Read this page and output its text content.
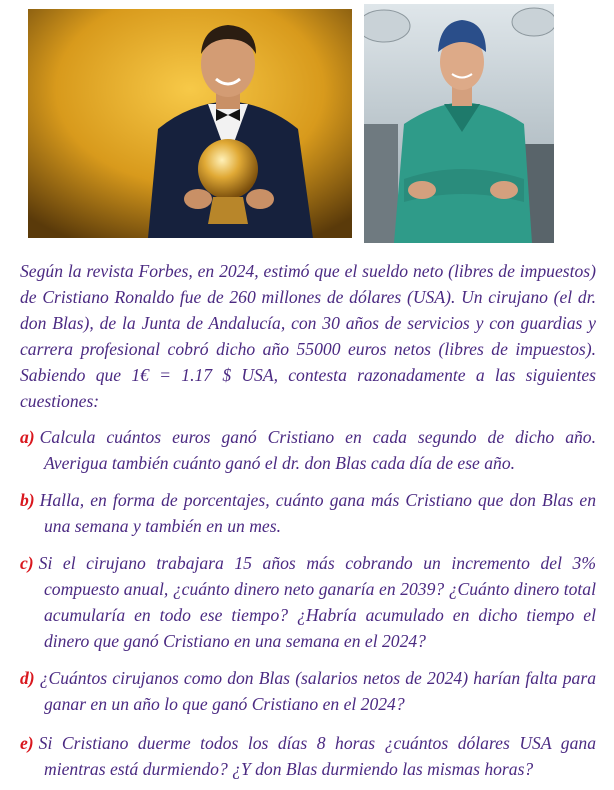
Según la revista Forbes, en 2024, estimó que el sueldo neto (libres de impuestos) de Cristiano Ronaldo fue de 260 millones de dólares (USA). Un cirujano (el dr. don Blas), de la Junta de Andalucía, con 30 años de servicios y con guardias y carrera profesional cobró dicho año 55000 euros netos (libres de impuestos). Sabiendo que 1€ = 1.17 $ USA, contesta razonadamente a las siguientes cuestiones:

a) Calcula cuántos euros ganó Cristiano en cada segundo de dicho año. Averigua también cuánto ganó el dr. don Blas cada día de ese año.

b) Halla, en forma de porcentajes, cuánto gana más Cristiano que don Blas en una semana y también en un mes.

c) Si el cirujano trabajara 15 años más cobrando un incremento del 3% compuesto anual, ¿cuánto dinero neto ganaría en 2039? ¿Cuánto dinero total acumularía en todo ese tiempo? ¿Habría acumulado en dicho tiempo el dinero que ganó Cristiano en una semana en el 2024?

d) ¿Cuántos cirujanos como don Blas (salarios netos de 2024) harían falta para ganar en un año lo que ganó Cristiano en el 2024?

e) Si Cristiano duerme todos los días 8 horas ¿cuántos dólares USA gana mientras está durmiendo? ¿Y don Blas durmiendo las mismas horas?
